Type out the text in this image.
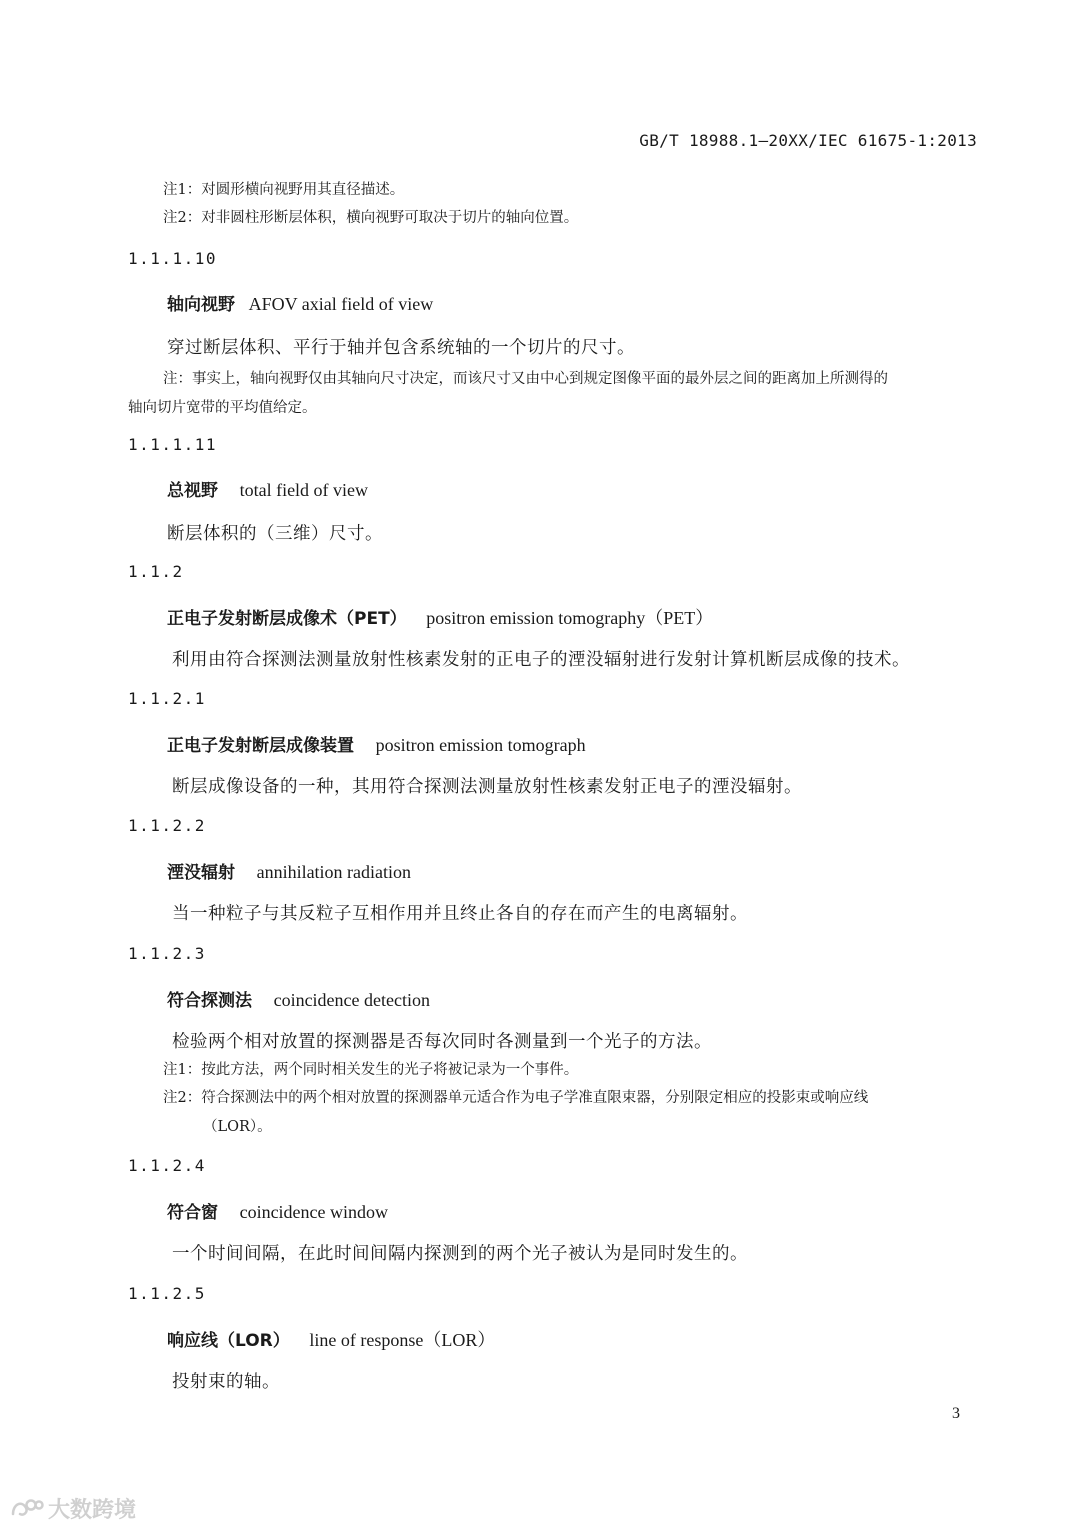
GB/T 18988.1—20XX/IEC 61675-1:2013
注1：对圆形横向视野用其直径描述。
注2：对非圆柱形断层体积，横向视野可取决于切片的轴向位置。
1.1.1.10
轴向视野 AFOV axial field of view
穿过断层体积、平行于轴并包含系统轴的一个切片的尺寸。
注：事实上，轴向视野仅由其轴向尺寸决定，而该尺寸又由中心到规定图像平面的最外层之间的距离加上所测得的
轴向切片宽带的平均值给定。
1.1.1.11
总视野 total field of view
断层体积的（三维）尺寸。
1.1.2
正电子发射断层成像术（PET） positron emission tomography（PET）
利用由符合探测法测量放射性核素发射的正电子的湮没辐射进行发射计算机断层成像的技术。
1.1.2.1
正电子发射断层成像装置 positron emission tomograph
断层成像设备的一种，其用符合探测法测量放射性核素发射正电子的湮没辐射。
1.1.2.2
湮没辐射 annihilation radiation
当一种粒子与其反粒子互相作用并且终止各自的存在而产生的电离辐射。
1.1.2.3
符合探测法 coincidence detection
检验两个相对放置的探测器是否每次同时各测量到一个光子的方法。
注1：按此方法，两个同时相关发生的光子将被记录为一个事件。
注2：符合探测法中的两个相对放置的探测器单元适合作为电子学准直限束器，分别限定相应的投影束或响应线
（LOR）。
1.1.2.4
符合窗 coincidence window
一个时间间隔，在此时间间隔内探测到的两个光子被认为是同时发生的。
1.1.2.5
响应线（LOR） line of response（LOR）
投射束的轴。
3
大数跨境
